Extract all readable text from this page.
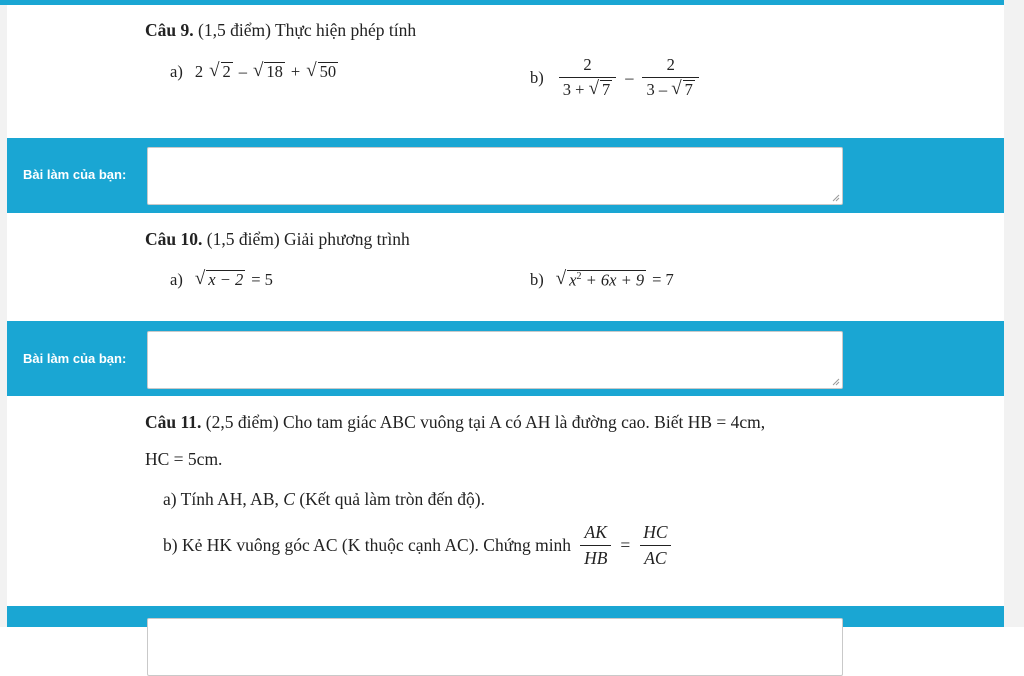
Câu 9. (1,5 điểm) Thực hiện phép tính
a) 2 √ 2 – √ 18 + √ 50	b) 2
3 +
√ 7 – 2
3 –
√ 7
Bài làm của bạn:
Câu 10. (1,5 điểm) Giải phương trình
a) √ x − 2 = 5	b) √ $x^2 + 6x + 9 = 7$
Bài làm của bạn:
Câu 11. (2,5 điểm) Cho tam giác ABC vuông tại A có AH là đường cao. Biết HB = 4cm,
HC = 5cm.
a) Tính AH, AB, C (Kết quả làm tròn đến độ).
b) Kẻ HK vuông góc AC (K thuộc cạnh AC). Chứng minh $\frac{AK}{HB} = \frac{HC}{AC}$
